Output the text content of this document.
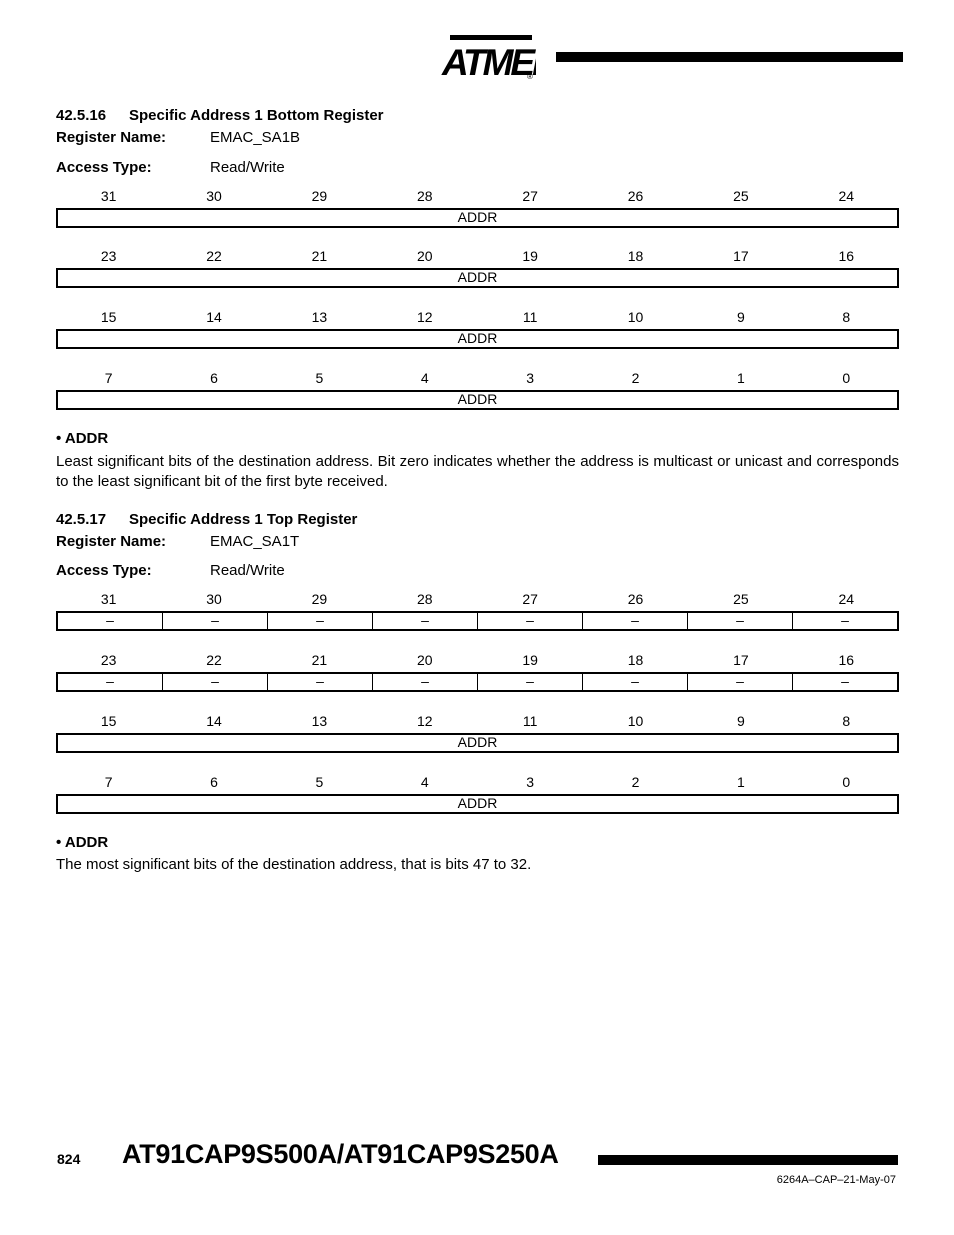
ATME
®
42.5.16 Specific Address 1 Bottom Register
Register Name:	EMAC_SA1B
Access Type:	Read/Write
31	30	29	28	27	26	25	24
ADDR
23	22	21	20	19	18	17	16
ADDR
15	14	13	12	11	10	9	8
ADDR
7	6	5	4	3	2	1	0
ADDR
• ADDR
Least significant bits of the destination address. Bit zero indicates whether the address is multicast or unicast and corresponds to the least significant bit of the first byte received.
42.5.17 Specific Address 1 Top Register
Register Name:	EMAC_SA1T
Access Type:	Read/Write
31	30	29	28	27	26	25	24
–	–	–	–	–	–	–	–
23	22	21	20	19	18	17	16
–	–	–	–	–	–	–	–
15	14	13	12	11	10	9	8
ADDR
7	6	5	4	3	2	1	0
ADDR
• ADDR
The most significant bits of the destination address, that is bits 47 to 32.
824 AT91CAP9S500A/AT91CAP9S250A
6264A–CAP–21-May-07
